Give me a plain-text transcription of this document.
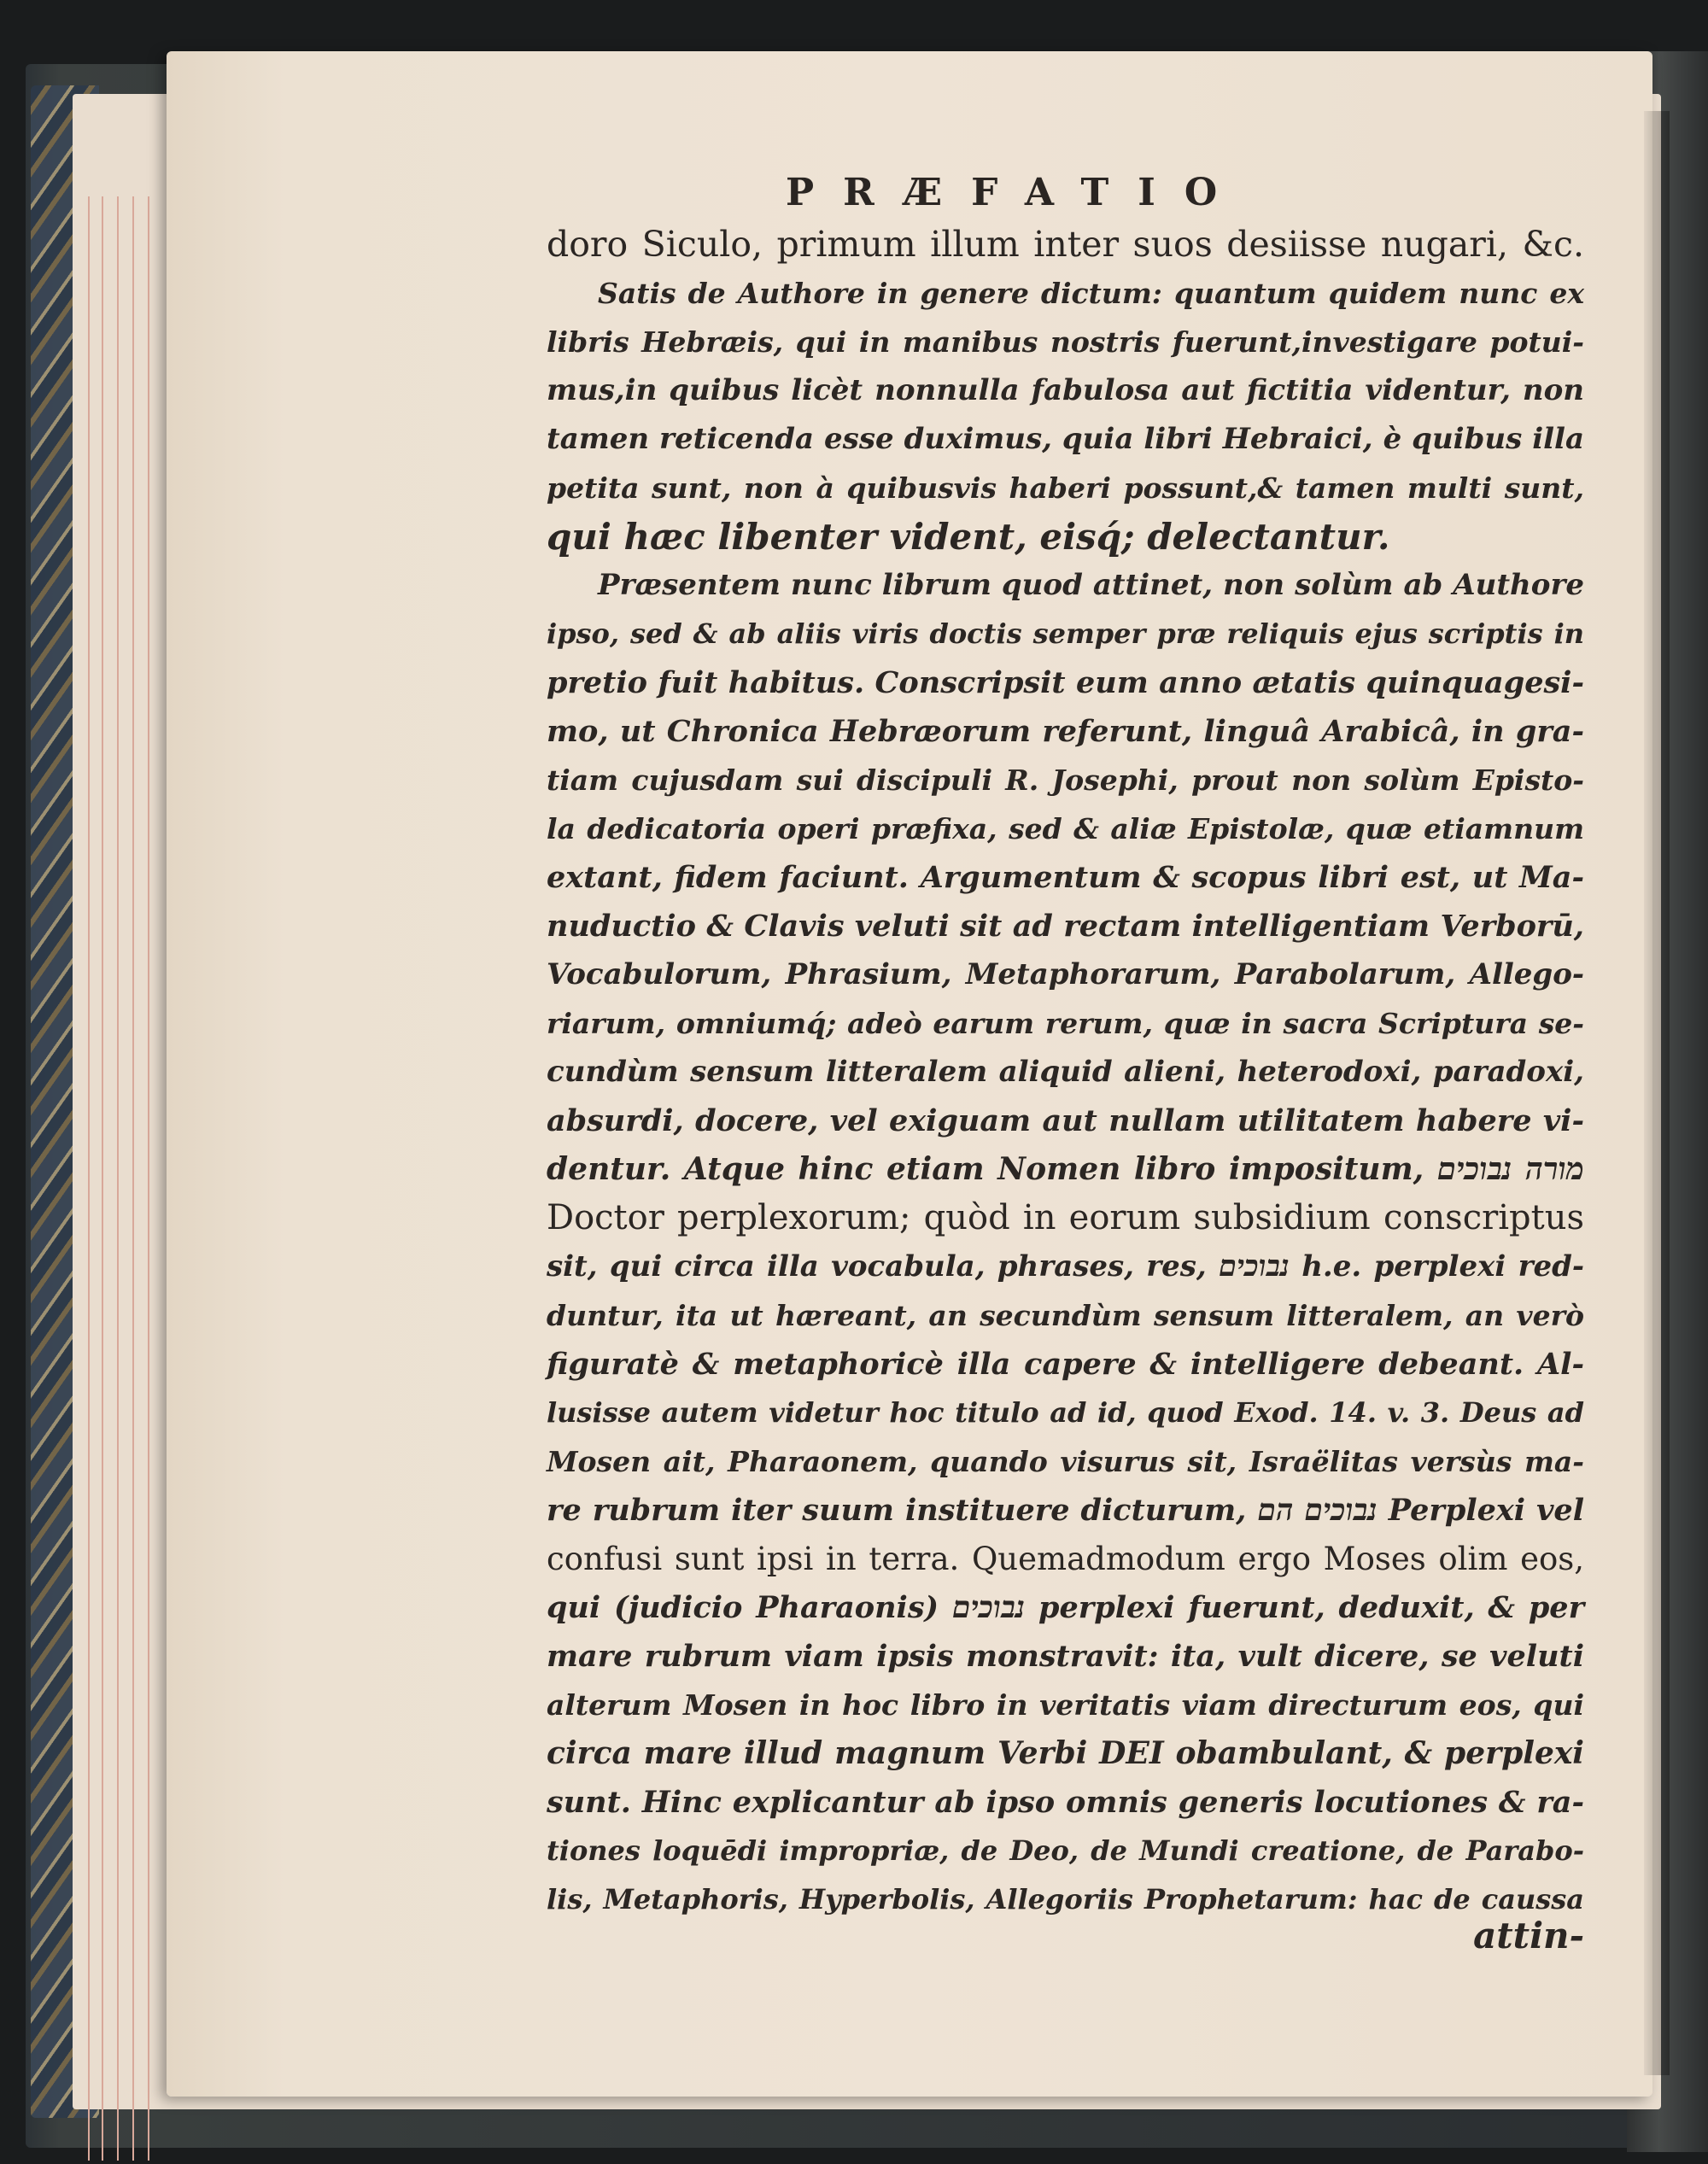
PRÆFATIO
doro Siculo, primum illum inter suos desiisse nugari, &c.
Satis de Authore in genere dictum: quantum quidem nunc ex
libris Hebræis, qui in manibus nostris fuerunt,investigare potui-
mus,in quibus licèt nonnulla fabulosa aut fictitia videntur, non
tamen reticenda esse duximus, quia libri Hebraici, è quibus illa
petita sunt, non à quibusvis haberi possunt,& tamen multi sunt,
qui hæc libenter vident, eisq́; delectantur.
Præsentem nunc librum quod attinet, non solùm ab Authore
ipso, sed & ab aliis viris doctis semper præ reliquis ejus scriptis in
pretio fuit habitus. Conscripsit eum anno ætatis quinquagesi-
mo, ut Chronica Hebræorum referunt, linguâ Arabicâ, in gra-
tiam cujusdam sui discipuli R. Josephi, prout non solùm Episto-
la dedicatoria operi præfixa, sed & aliæ Epistolæ, quæ etiamnum
extant, fidem faciunt. Argumentum & scopus libri est, ut Ma-
nuductio & Clavis veluti sit ad rectam intelligentiam Verborū,
Vocabulorum, Phrasium, Metaphorarum, Parabolarum, Allego-
riarum, omniumq́; adeò earum rerum, quæ in sacra Scriptura se-
cundùm sensum litteralem aliquid alieni, heterodoxi, paradoxi,
absurdi, docere, vel exiguam aut nullam utilitatem habere vi-
dentur. Atque hinc etiam Nomen libro impositum, מורה נבוכים
Doctor perplexorum; quòd in eorum subsidium conscriptus
sit, qui circa illa vocabula, phrases, res, נבוכים h.e. perplexi red-
duntur, ita ut hæreant, an secundùm sensum litteralem, an verò
figuratè & metaphoricè illa capere & intelligere debeant. Al-
lusisse autem videtur hoc titulo ad id, quod Exod. 14. v. 3. Deus ad
Mosen ait, Pharaonem, quando visurus sit, Israëlitas versùs ma-
re rubrum iter suum instituere dicturum, נבוכים הם Perplexi vel
confusi sunt ipsi in terra. Quemadmodum ergo Moses olim eos,
qui (judicio Pharaonis) נבוכים perplexi fuerunt, deduxit, & per
mare rubrum viam ipsis monstravit: ita, vult dicere, se veluti
alterum Mosen in hoc libro in veritatis viam directurum eos, qui
circa mare illud magnum Verbi DEI obambulant, & perplexi
sunt. Hinc explicantur ab ipso omnis generis locutiones & ra-
tiones loquēdi impropriæ, de Deo, de Mundi creatione, de Parabo-
lis, Metaphoris, Hyperbolis, Allegoriis Prophetarum: hac de caussa
attin-
